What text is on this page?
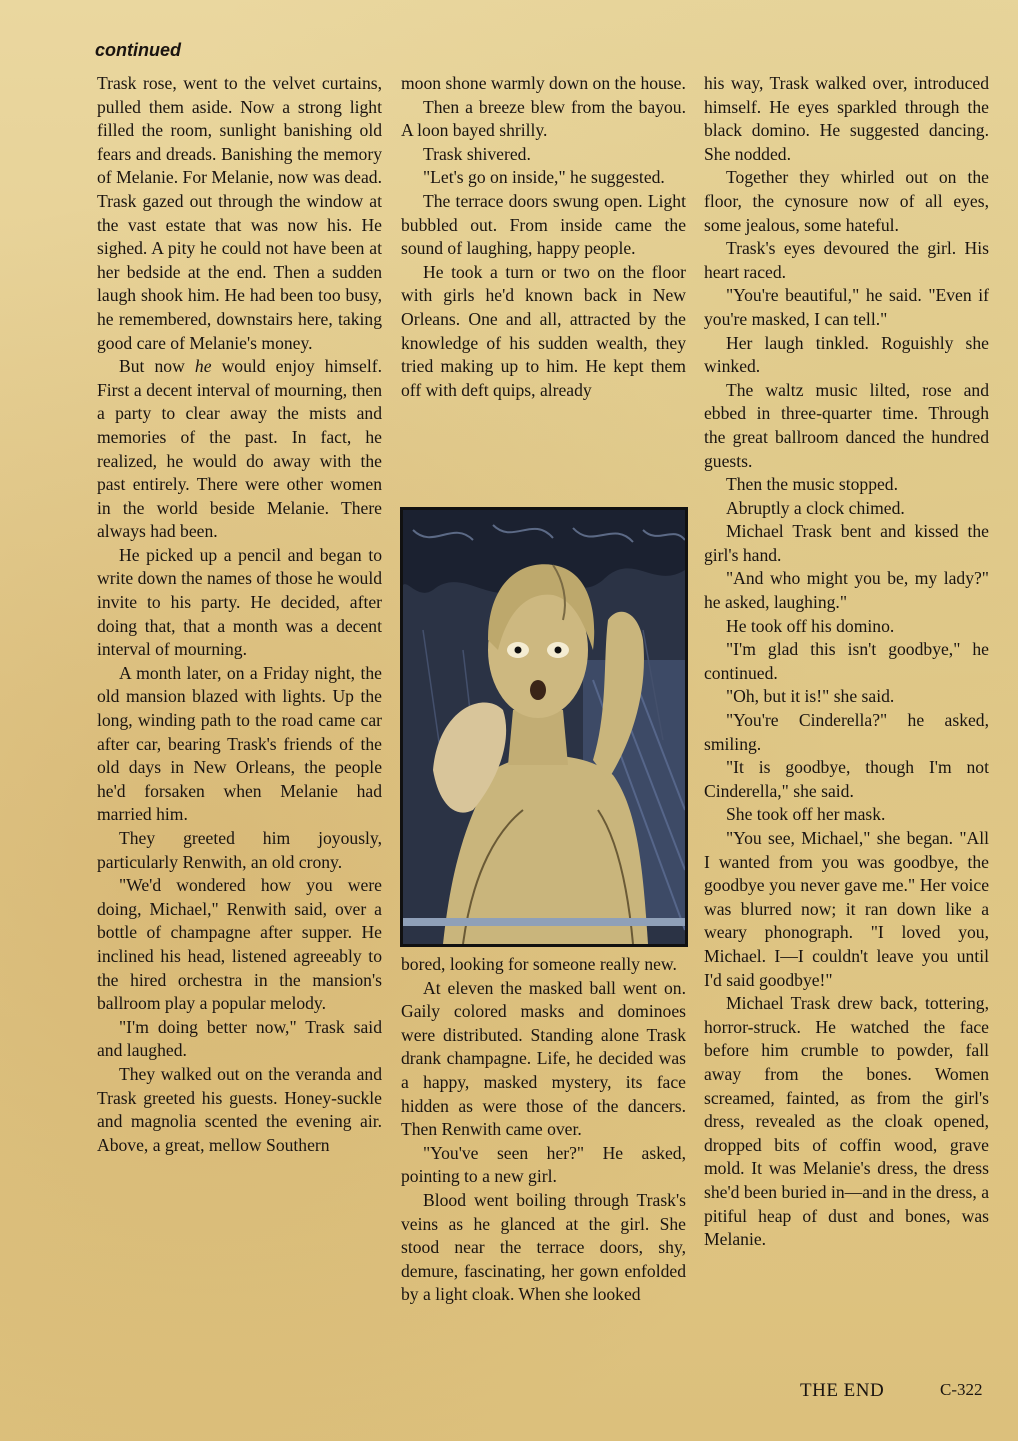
continued

Trask rose, went to the velvet curtains, pulled them aside. Now a strong light filled the room, sunlight banishing old fears and dreads. Banishing the memory of Melanie. For Melanie, now was dead. Trask gazed out through the window at the vast estate that was now his. He sighed. A pity he could not have been at her bedside at the end. Then a sudden laugh shook him. He had been too busy, he remembered, downstairs here, taking good care of Melanie's money.

But now he would enjoy himself. First a decent interval of mourning, then a party to clear away the mists and memories of the past. In fact, he realized, he would do away with the past entirely. There were other women in the world beside Melanie. There always had been.

He picked up a pencil and began to write down the names of those he would invite to his party. He decided, after doing that, that a month was a decent interval of mourning.

A month later, on a Friday night, the old mansion blazed with lights. Up the long, winding path to the road came car after car, bearing Trask's friends of the old days in New Orleans, the people he'd forsaken when Melanie had married him.

They greeted him joyously, particularly Renwith, an old crony.

"We'd wondered how you were doing, Michael," Renwith said, over a bottle of champagne after supper. He inclined his head, listened agreeably to the hired orchestra in the mansion's ballroom play a popular melody.

"I'm doing better now," Trask said and laughed.

They walked out on the veranda and Trask greeted his guests. Honey-suckle and magnolia scented the evening air. Above, a great, mellow Southern

moon shone warmly down on the house.

Then a breeze blew from the bayou. A loon bayed shrilly.

Trask shivered.

"Let's go on inside," he suggested.

The terrace doors swung open. Light bubbled out. From inside came the sound of laughing, happy people.

He took a turn or two on the floor with girls he'd known back in New Orleans. One and all, attracted by the knowledge of his sudden wealth, they tried making up to him. He kept them off with deft quips, already

bored, looking for someone really new.

At eleven the masked ball went on. Gaily colored masks and dominoes were distributed. Standing alone Trask drank champagne. Life, he decided was a happy, masked mystery, its face hidden as were those of the dancers. Then Renwith came over.

"You've seen her?" He asked, pointing to a new girl.

Blood went boiling through Trask's veins as he glanced at the girl. She stood near the terrace doors, shy, demure, fascinating, her gown enfolded by a light cloak. When she looked

his way, Trask walked over, introduced himself. He eyes sparkled through the black domino. He suggested dancing. She nodded.

Together they whirled out on the floor, the cynosure now of all eyes, some jealous, some hateful.

Trask's eyes devoured the girl. His heart raced.

"You're beautiful," he said. "Even if you're masked, I can tell."

Her laugh tinkled. Roguishly she winked.

The waltz music lilted, rose and ebbed in three-quarter time. Through the great ballroom danced the hundred guests.

Then the music stopped.

Abruptly a clock chimed.

Michael Trask bent and kissed the girl's hand.

"And who might you be, my lady?" he asked, laughing."

He took off his domino.

"I'm glad this isn't goodbye," he continued.

"Oh, but it is!" she said.

"You're Cinderella?" he asked, smiling.

"It is goodbye, though I'm not Cinderella," she said.

She took off her mask.

"You see, Michael," she began. "All I wanted from you was goodbye, the goodbye you never gave me." Her voice was blurred now; it ran down like a weary phonograph. "I loved you, Michael. I—I couldn't leave you until I'd said goodbye!"

Michael Trask drew back, tottering, horror-struck. He watched the face before him crumble to powder, fall away from the bones. Women screamed, fainted, as from the girl's dress, revealed as the cloak opened, dropped bits of coffin wood, grave mold. It was Melanie's dress, the dress she'd been buried in—and in the dress, a pitiful heap of dust and bones, was Melanie.

THE END	C-322
